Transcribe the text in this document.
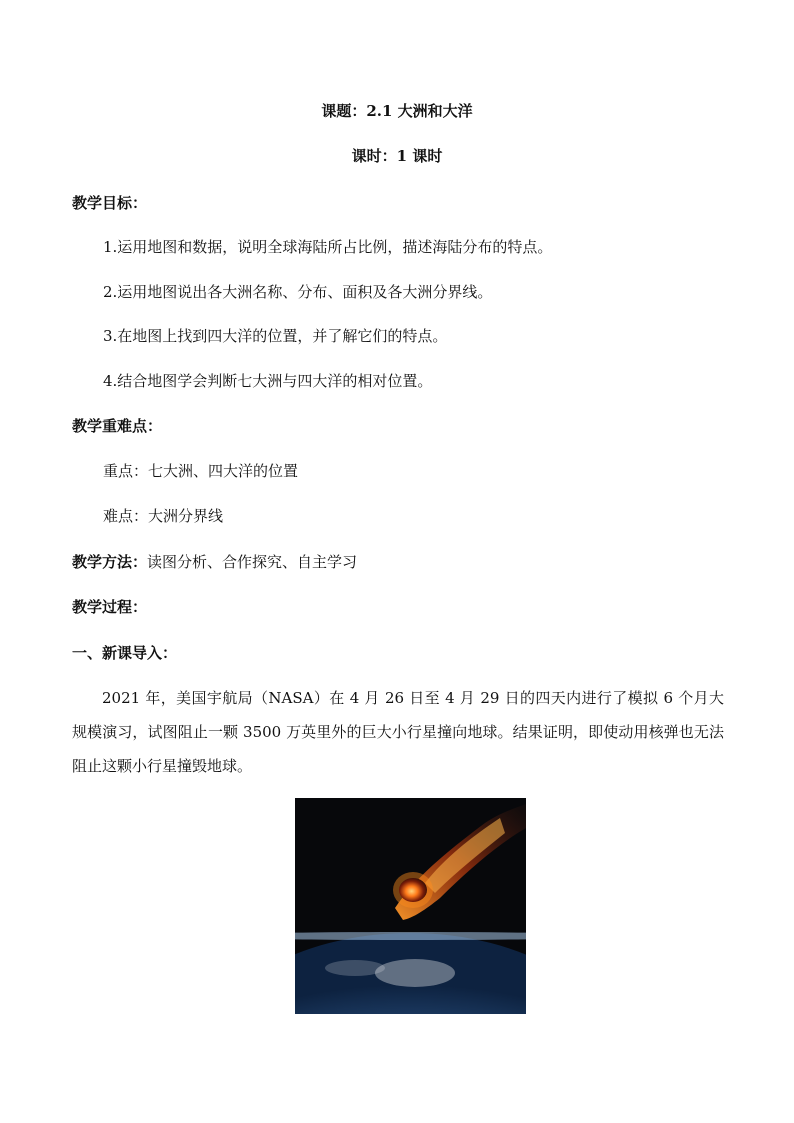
课题：2.1 大洲和大洋
课时：1 课时
教学目标：
1.运用地图和数据，说明全球海陆所占比例，描述海陆分布的特点。
2.运用地图说出各大洲名称、分布、面积及各大洲分界线。
3.在地图上找到四大洋的位置，并了解它们的特点。
4.结合地图学会判断七大洲与四大洋的相对位置。
教学重难点：
重点：七大洲、四大洋的位置
难点：大洲分界线
教学方法：读图分析、合作探究、自主学习
教学过程：
一、新课导入：
2021 年，美国宇航局（NASA）在 4 月 26 日至 4 月 29 日的四天内进行了模拟 6 个月大规模演习，试图阻止一颗 3500 万英里外的巨大小行星撞向地球。结果证明，即使动用核弹也无法阻止这颗小行星撞毁地球。
